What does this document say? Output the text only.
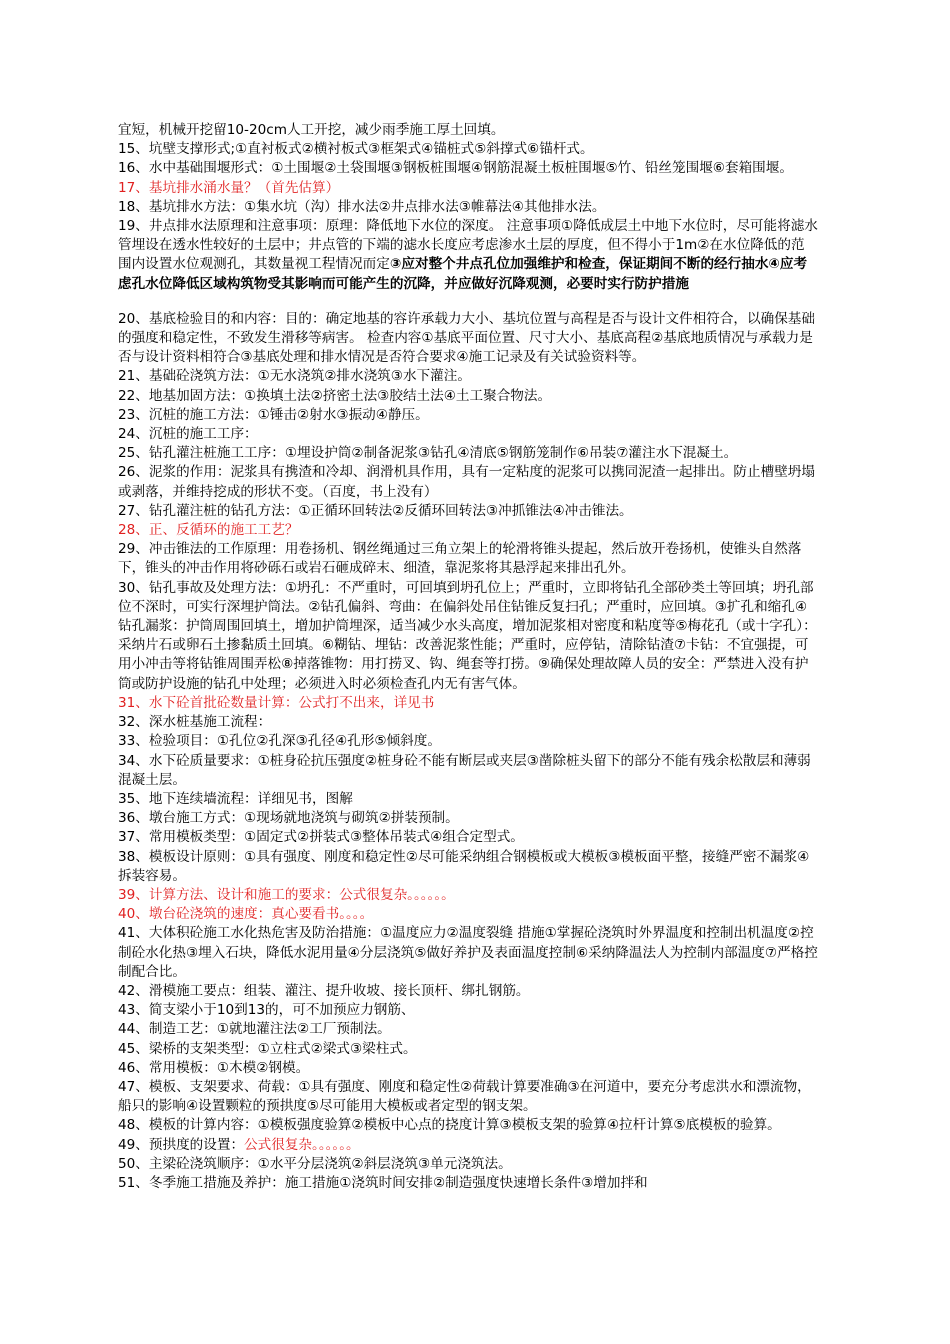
宜短，机械开挖留10-20cm人工开挖，减少雨季施工厚土回填。
15、坑壁支撑形式;①直衬板式②横衬板式③框架式④锚桩式⑤斜撑式⑥锚杆式。
16、水中基础围堰形式：①土围堰②土袋围堰③钢板桩围堰④钢筋混凝土板桩围堰⑤竹、铅丝笼围堰⑥套箱围堰。
17、基坑排水涌水量？（首先估算）
18、基坑排水方法：①集水坑（沟）排水法②井点排水法③帷幕法④其他排水法。
19、井点排水法原理和注意事项：原理：降低地下水位的深度。 注意事项①降低成层土中地下水位时，尽可能将滤水管埋设在透水性较好的土层中；井点管的下端的滤水长度应考虑渗水土层的厚度，但不得小于1m②在水位降低的范围内设置水位观测孔，其数量视工程情况而定③应对整个井点孔位加强维护和检查，保证期间不断的经行抽水④应考虑孔水位降低区域构筑物受其影响而可能产生的沉降，并应做好沉降观测，必要时实行防护措施
20、基底检验目的和内容：目的：确定地基的容许承载力大小、基坑位置与高程是否与设计文件相符合，以确保基础的强度和稳定性，不致发生滑移等病害。 检查内容①基底平面位置、尺寸大小、基底高程②基底地质情况与承载力是否与设计资料相符合③基底处理和排水情况是否符合要求④施工记录及有关试验资料等。
21、基础砼浇筑方法：①无水浇筑②排水浇筑③水下灌注。
22、地基加固方法：①换填土法②挤密土法③胶结土法④土工聚合物法。
23、沉桩的施工方法：①锤击②射水③振动④静压。
24、沉桩的施工工序：
25、钻孔灌注桩施工工序：①埋设护筒②制备泥浆③钻孔④清底⑤钢筋笼制作⑥吊装⑦灌注水下混凝土。
26、泥浆的作用：泥浆具有携渣和冷却、润滑机具作用，具有一定粘度的泥浆可以携同泥渣一起排出。防止槽壁坍塌或剥落，并维持挖成的形状不变。（百度，书上没有）
27、钻孔灌注桩的钻孔方法：①正循环回转法②反循环回转法③冲抓锥法④冲击锥法。
28、正、反循环的施工工艺？
29、冲击锥法的工作原理：用卷扬机、钢丝绳通过三角立架上的轮滑将锥头提起，然后放开卷扬机，使锥头自然落下，锥头的冲击作用将砂砾石或岩石砸成碎末、细渣，靠泥浆将其悬浮起来排出孔外。
30、钻孔事故及处理方法：①坍孔：不严重时，可回填到坍孔位上；严重时，立即将钻孔全部砂类土等回填；坍孔部位不深时，可实行深埋护筒法。②钻孔偏斜、弯曲：在偏斜处吊住钻锥反复扫孔；严重时，应回填。③扩孔和缩孔④钻孔漏浆：护筒周围回填土，增加护筒埋深，适当减少水头高度，增加泥浆相对密度和粘度等⑤梅花孔（或十字孔）：采纳片石或卵石土掺黏质土回填。⑥糊钻、埋钻：改善泥浆性能；严重时，应停钻，清除钻渣⑦卡钻：不宜强提，可用小冲击等将钻锥周围弄松⑧掉落锥物：用打捞叉、钩、绳套等打捞。⑨确保处理故障人员的安全：严禁进入没有护筒或防护设施的钻孔中处理；必须进入时必须检查孔内无有害气体。
31、水下砼首批砼数量计算：公式打不出来，详见书
32、深水桩基施工流程：
33、检验项目：①孔位②孔深③孔径④孔形⑤倾斜度。
34、水下砼质量要求：①桩身砼抗压强度②桩身砼不能有断层或夹层③凿除桩头留下的部分不能有残余松散层和薄弱混凝土层。
35、地下连续墙流程：详细见书，图解
36、墩台施工方式：①现场就地浇筑与砌筑②拼装预制。
37、常用模板类型：①固定式②拼装式③整体吊装式④组合定型式。
38、模板设计原则：①具有强度、刚度和稳定性②尽可能采纳组合钢模板或大模板③模板面平整，接缝严密不漏浆④拆装容易。
39、计算方法、设计和施工的要求：公式很复杂。。。。。。
40、墩台砼浇筑的速度：真心要看书。。。。
41、大体积砼施工水化热危害及防治措施：①温度应力②温度裂缝 措施①掌握砼浇筑时外界温度和控制出机温度②控制砼水化热③埋入石块，降低水泥用量④分层浇筑⑤做好养护及表面温度控制⑥采纳降温法人为控制内部温度⑦严格控制配合比。
42、滑模施工要点：组装、灌注、提升收坡、接长顶杆、绑扎钢筋。
43、简支梁小于10到13的，可不加预应力钢筋、
44、制造工艺：①就地灌注法②工厂预制法。
45、梁桥的支架类型：①立柱式②梁式③梁柱式。
46、常用模板：①木模②钢模。
47、模板、支架要求、荷载：①具有强度、刚度和稳定性②荷载计算要准确③在河道中，要充分考虑洪水和漂流物，船只的影响④设置颗粒的预拱度⑤尽可能用大模板或者定型的钢支架。
48、模板的计算内容：①模板强度验算②模板中心点的挠度计算③模板支架的验算④拉杆计算⑤底模板的验算。
49、预拱度的设置：公式很复杂。。。。。。
50、主梁砼浇筑顺序：①水平分层浇筑②斜层浇筑③单元浇筑法。
51、冬季施工措施及养护：施工措施①浇筑时间安排②制造强度快速增长条件③增加拌和
